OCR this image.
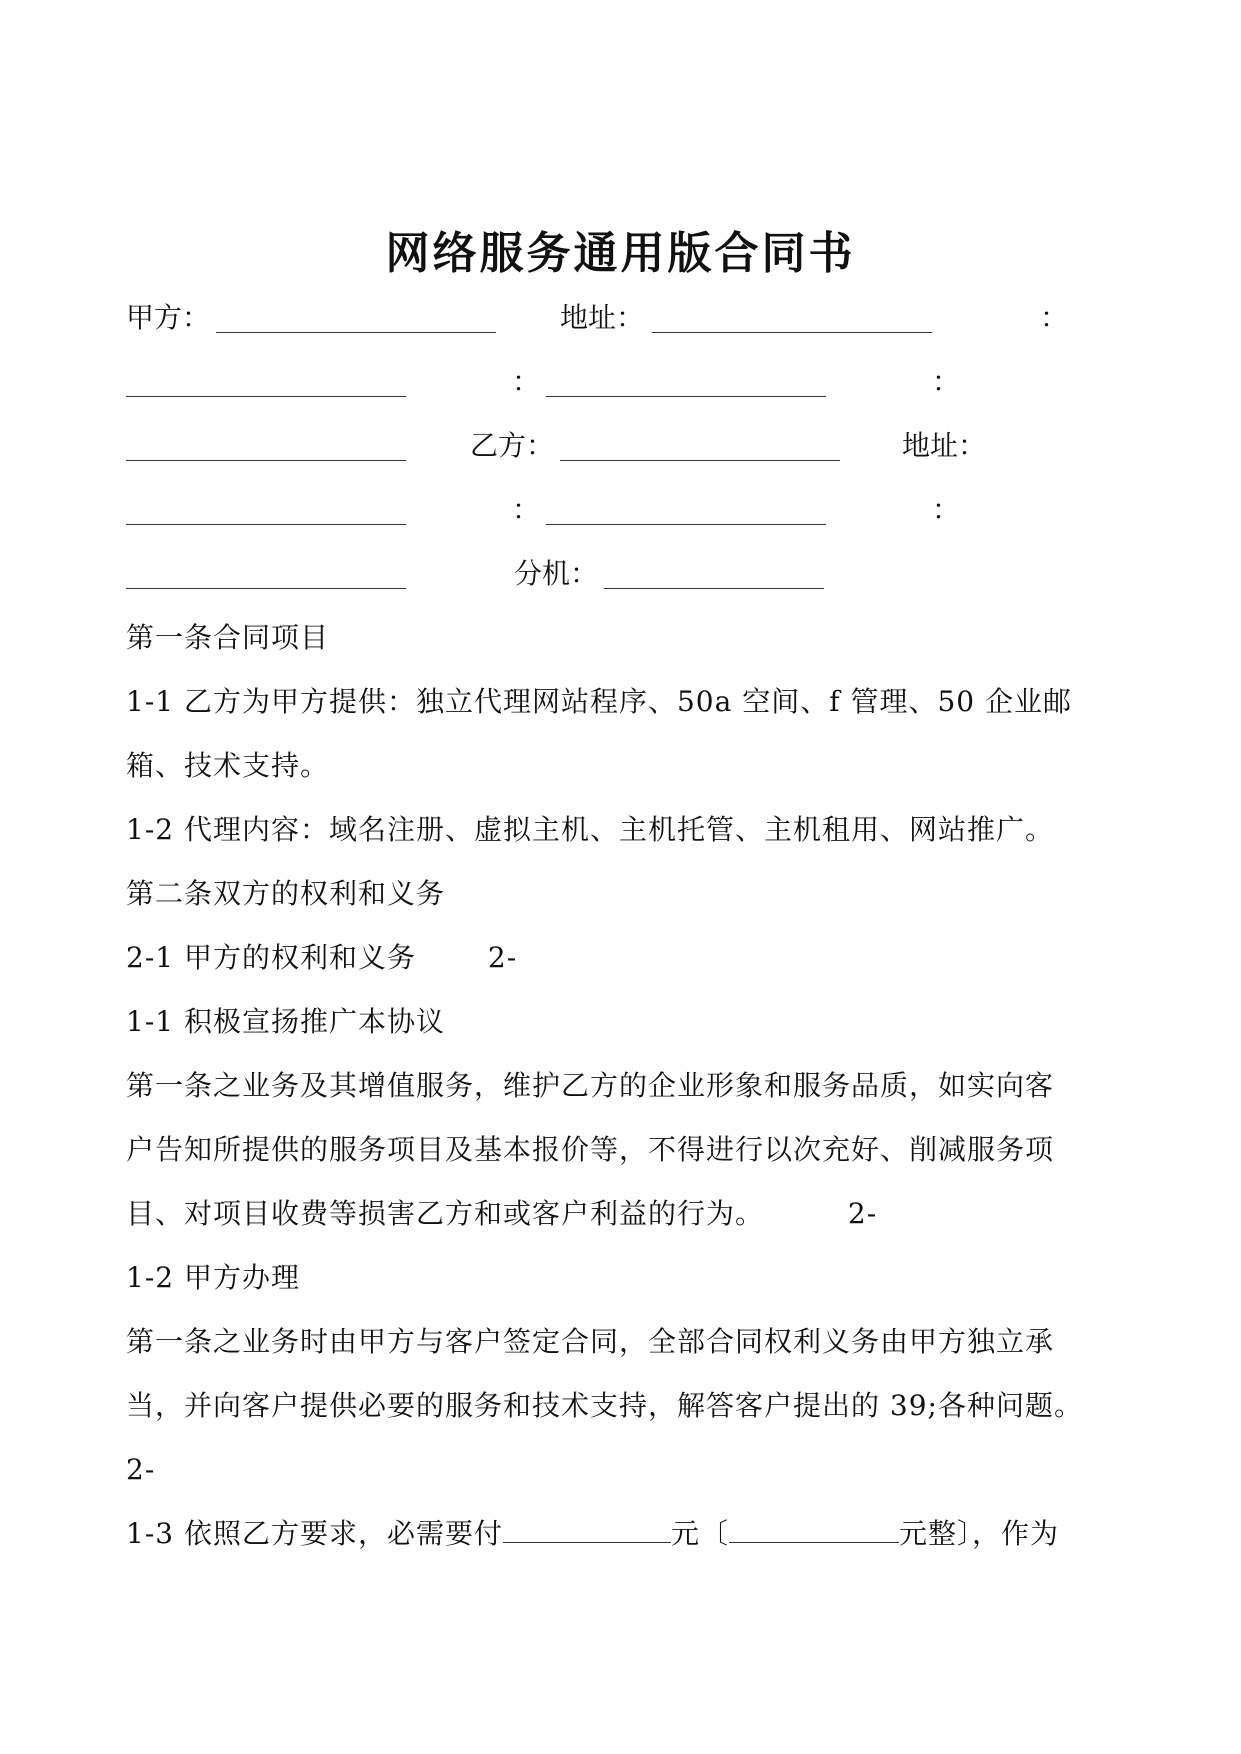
网络服务通用版合同书
甲方：	地址：	：
：	：
乙方：	地址：
：	：
分机：
第一条合同项目
1-1 乙方为甲方提供：独立代理网站程序、50a 空间、f 管理、50 企业邮
箱、技术支持。
1-2 代理内容：域名注册、虚拟主机、主机托管、主机租用、网站推广。
第二条双方的权利和义务
2-1 甲方的权利和义务	2-
1-1 积极宣扬推广本协议
第一条之业务及其增值服务，维护乙方的企业形象和服务品质，如实向客
户告知所提供的服务项目及基本报价等，不得进行以次充好、削减服务项
目、对项目收费等损害乙方和或客户利益的行为。	2-
1-2 甲方办理
第一条之业务时由甲方与客户签定合同，全部合同权利义务由甲方独立承
当，并向客户提供必要的服务和技术支持，解答客户提出的 39;各种问题。
2-
1-3 依照乙方要求，必需要付	元〔	元整〕，作为
